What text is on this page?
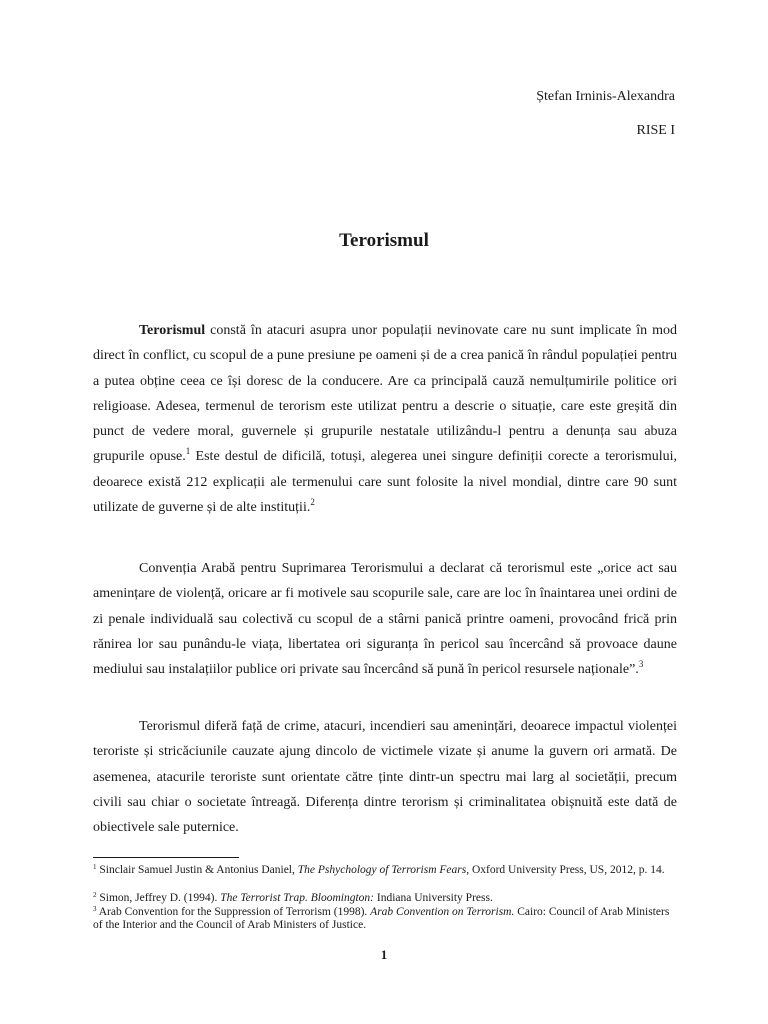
Ștefan Irninis-Alexandra
RISE I
Terorismul

Terorismul constă în atacuri asupra unor populații nevinovate care nu sunt implicate în mod direct în conflict, cu scopul de a pune presiune pe oameni și de a crea panică în rândul populației pentru a putea obține ceea ce își doresc de la conducere. Are ca principală cauză nemulțumirile politice ori religioase. Adesea, termenul de terorism este utilizat pentru a descrie o situație, care este greșită din punct de vedere moral, guvernele și grupurile nestatale utilizându-l pentru a denunța sau abuza grupurile opuse.$^1$ Este destul de dificilă, totuși, alegerea unei singure definiții corecte a terorismului, deoarece există 212 explicații ale termenului care sunt folosite la nivel mondial, dintre care 90 sunt utilizate de guverne și de alte instituții.$^2$

Convenția Arabă pentru Suprimarea Terorismului a declarat că terorismul este „orice act sau amenințare de violență, oricare ar fi motivele sau scopurile sale, care are loc în înaintarea unei ordini de zi penale individuală sau colectivă cu scopul de a stârni panică printre oameni, provocând frică prin rănirea lor sau punându-le viața, libertatea ori siguranța în pericol sau încercând să provoace daune mediului sau instalațiilor publice ori private sau încercând să pună în pericol resursele naționale”.$^3$

Terorismul diferă față de crime, atacuri, incendieri sau amenințări, deoarece impactul violenței teroriste și stricăciunile cauzate ajung dincolo de victimele vizate și anume la guvern ori armată. De asemenea, atacurile teroriste sunt orientate către ținte dintr-un spectru mai larg al societății, precum civili sau chiar o societate întreagă. Diferența dintre terorism și criminalitatea obișnuită este dată de obiectivele sale puternice.

$^1$ Sinclair Samuel Justin & Antonius Daniel, The Pshychology of Terrorism Fears, Oxford University Press, US, 2012, p. 14.

$^2$ Simon, Jeffrey D. (1994). The Terrorist Trap. Bloomington: Indiana University Press.

$^3$ Arab Convention for the Suppression of Terrorism (1998). Arab Convention on Terrorism. Cairo: Council of Arab Ministers of the Interior and the Council of Arab Ministers of Justice.

1
